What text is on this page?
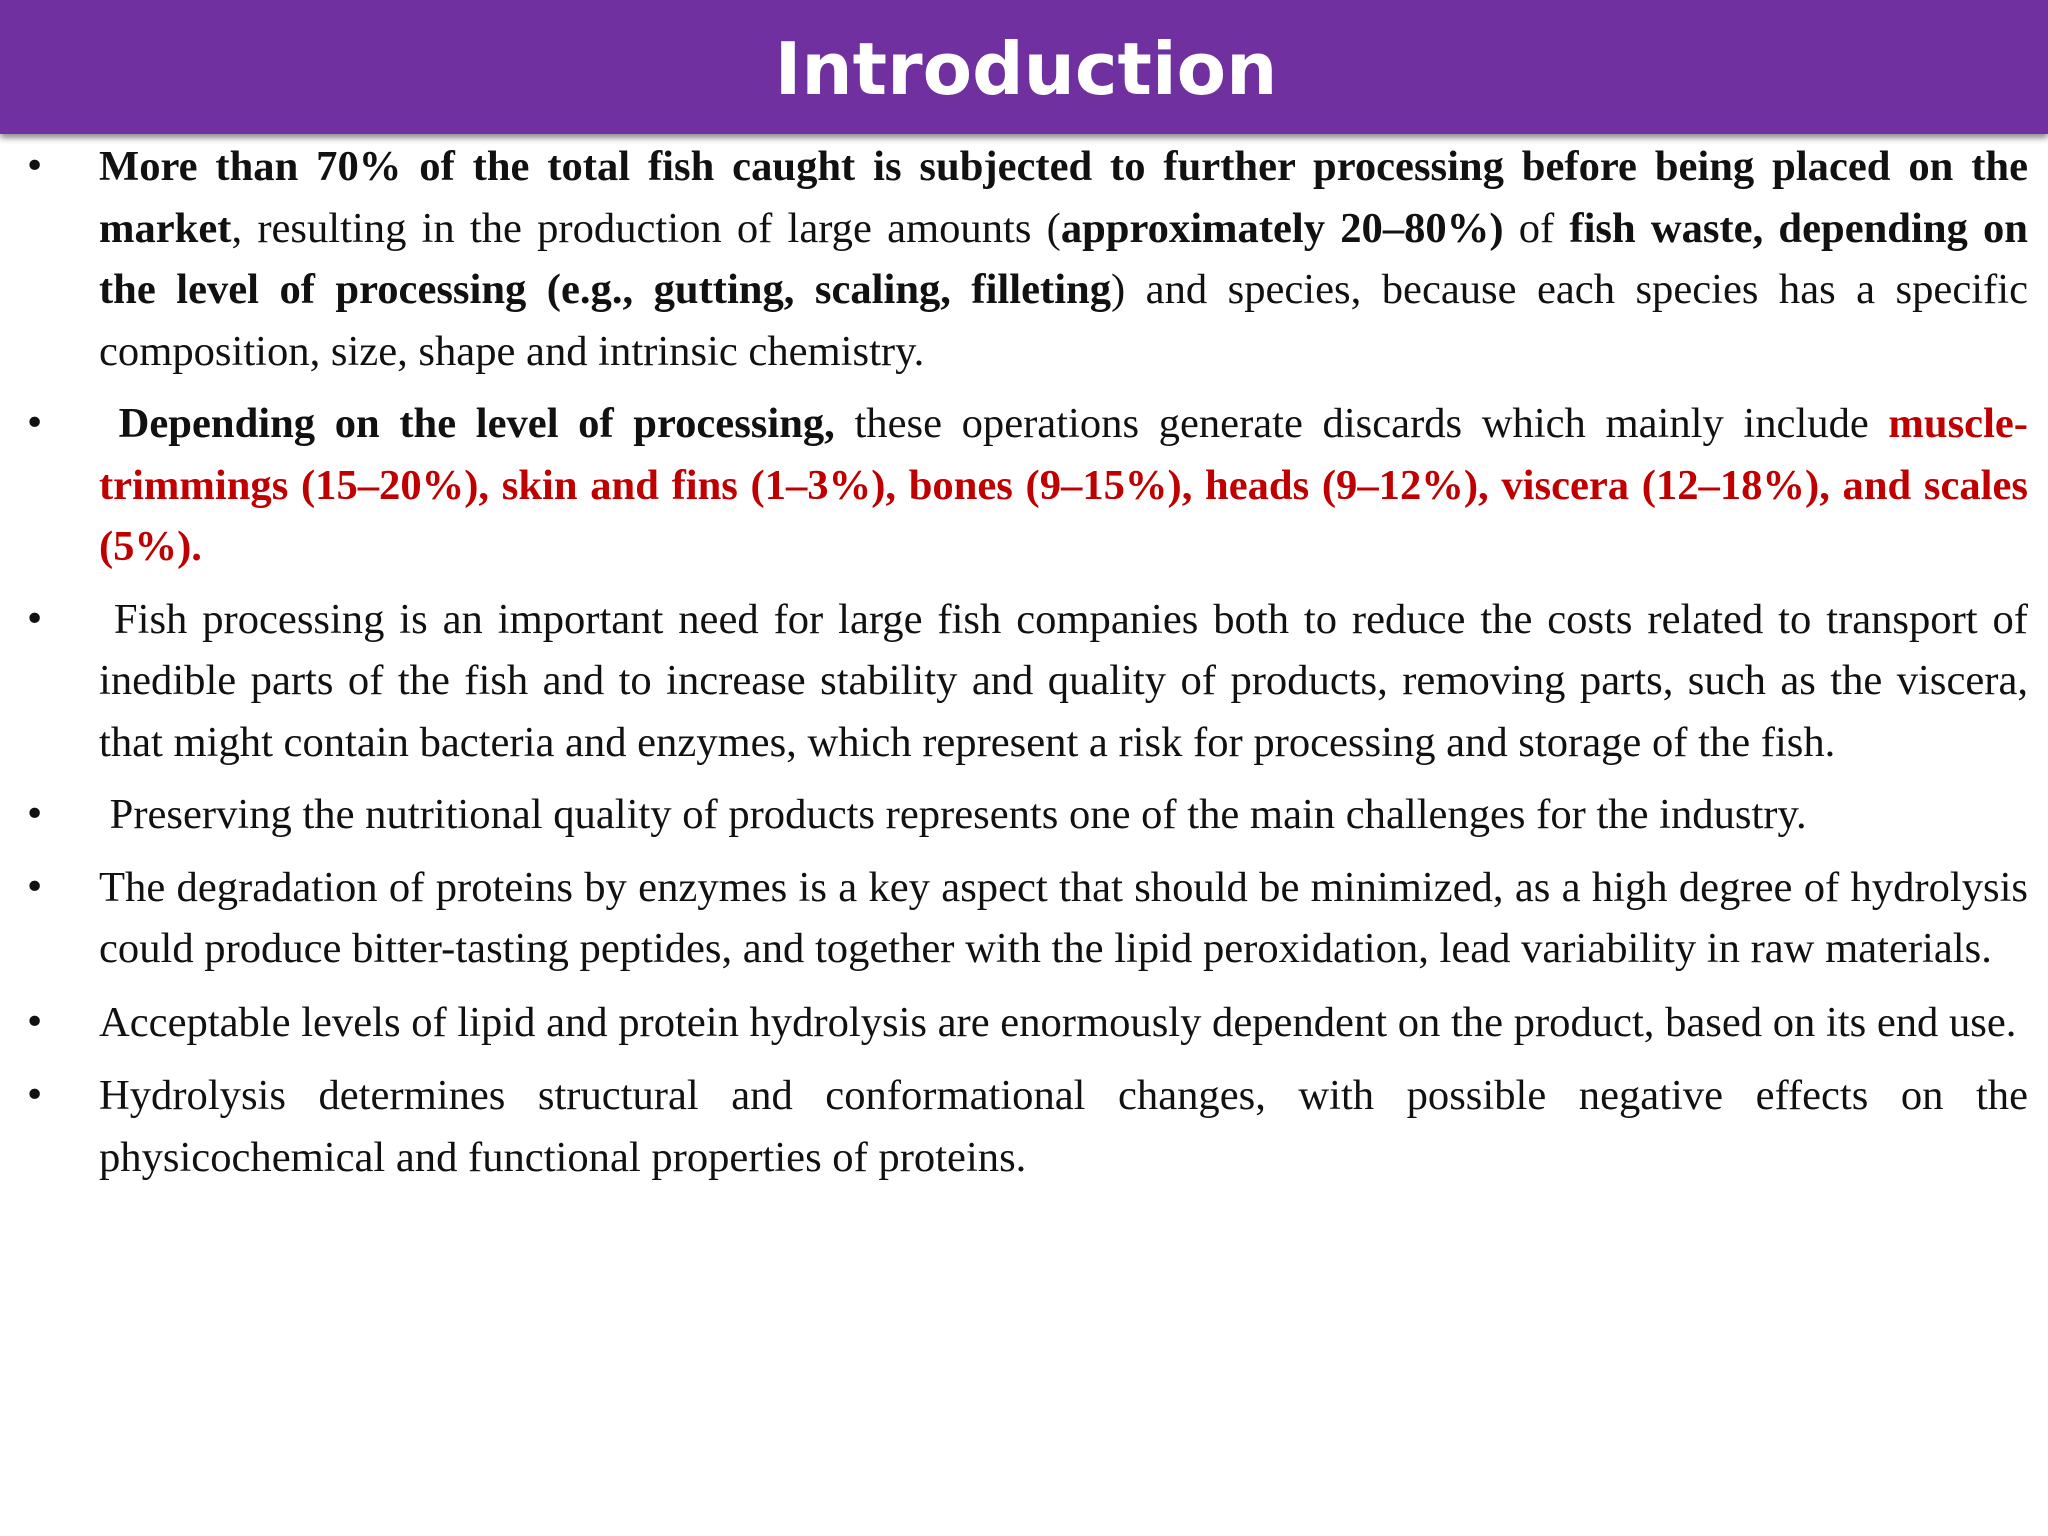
Introduction
• More than 70% of the total fish caught is subjected to further processing before being placed on the market, resulting in the production of large amounts (approximately 20–80%) of fish waste, depending on the level of processing (e.g., gutting, scaling, filleting) and species, because each species has a specific composition, size, shape and intrinsic chemistry.
• Depending on the level of processing, these operations generate discards which mainly include muscle-trimmings (15–20%), skin and fins (1–3%), bones (9–15%), heads (9–12%), viscera (12–18%), and scales (5%).
• Fish processing is an important need for large fish companies both to reduce the costs related to transport of inedible parts of the fish and to increase stability and quality of products, removing parts, such as the viscera, that might contain bacteria and enzymes, which represent a risk for processing and storage of the fish.
• Preserving the nutritional quality of products represents one of the main challenges for the industry.
• The degradation of proteins by enzymes is a key aspect that should be minimized, as a high degree of hydrolysis could produce bitter-tasting peptides, and together with the lipid peroxidation, lead variability in raw materials.
• Acceptable levels of lipid and protein hydrolysis are enormously dependent on the product, based on its end use.
• Hydrolysis determines structural and conformational changes, with possible negative effects on the physicochemical and functional properties of proteins.
